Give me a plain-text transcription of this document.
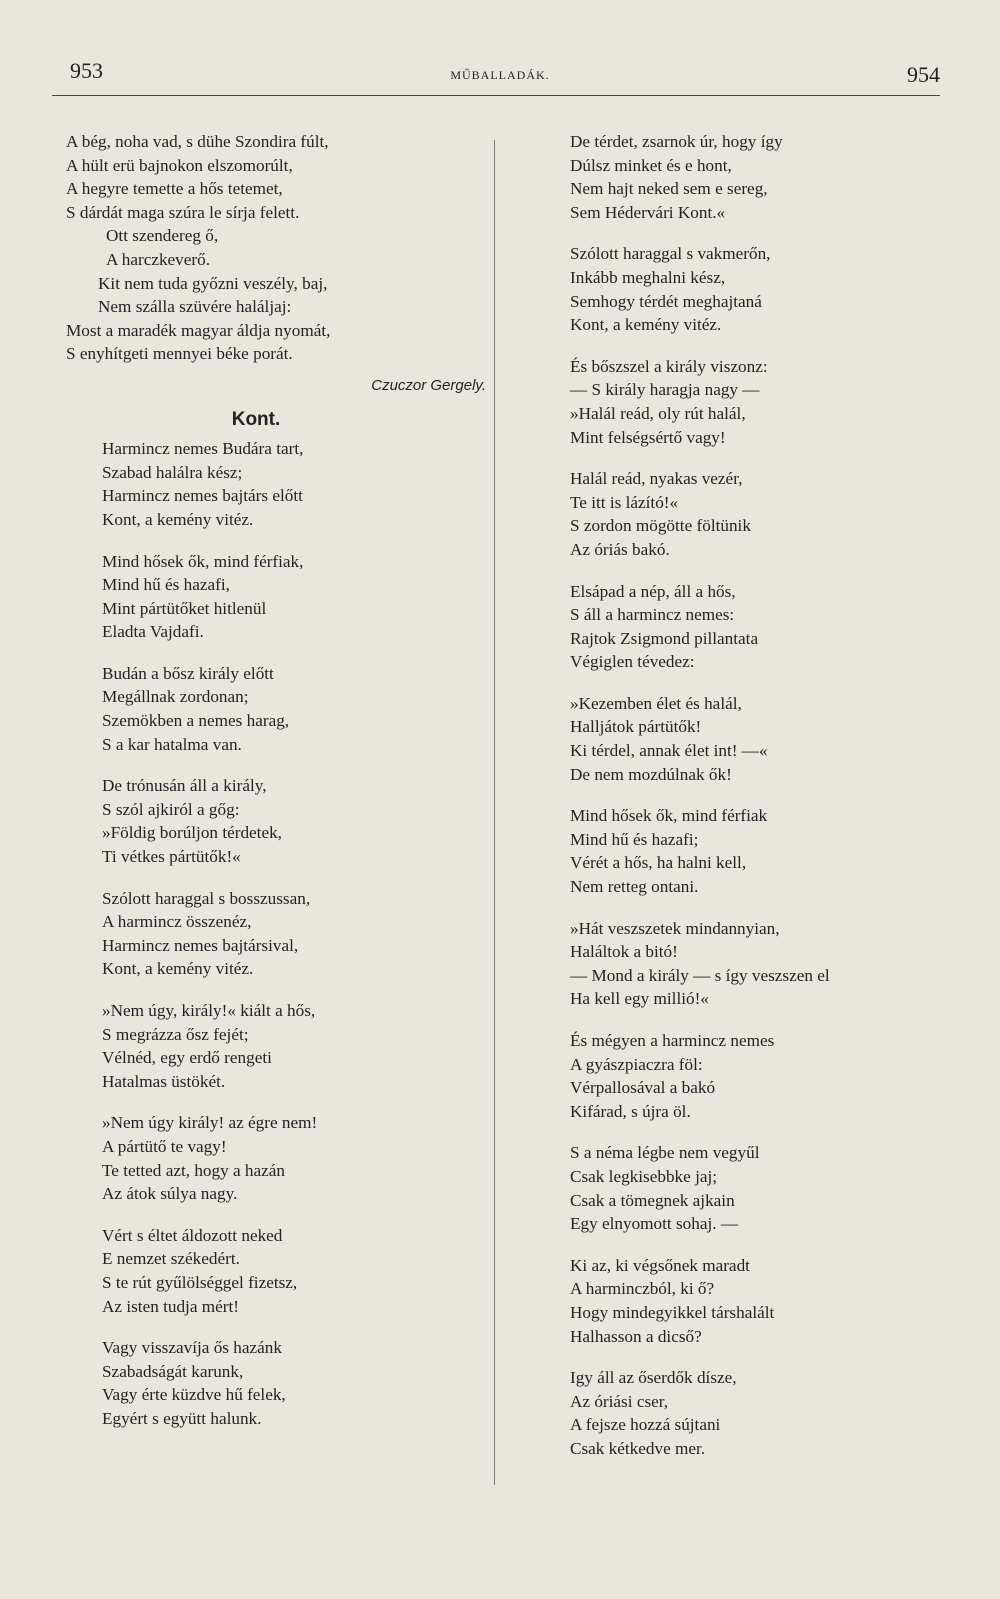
953	MŰBALLADÁK.	954
A bég, noha vad, s dühe Szondira fúlt,
A hült erü bajnokon elszomorúlt,
A hegyre temette a hős tetemet,
S dárdát maga szúra le sírja felett.
Ott szendereg ő,
A harczkeverő.
Kit nem tuda győzni veszély, baj,
Nem szálla szüvére haláljaj:
Most a maradék magyar áldja nyomát,
S enyhítgeti mennyei béke porát.
Czuczor Gergely.
Kont.
Harmincz nemes Budára tart,
Szabad halálra kész;
Harmincz nemes bajtárs előtt
Kont, a kemény vitéz.
Mind hősek ők, mind férfiak,
Mind hű és hazafi,
Mint pártütőket hitlenül
Eladta Vajdafi.
Budán a bősz király előtt
Megállnak zordonan;
Szemökben a nemes harag,
S a kar hatalma van.
De trónusán áll a király,
S szól ajkiról a gőg:
»Földig borúljon térdetek,
Ti vétkes pártütők!«
Szólott haraggal s bosszussan,
A harmincz összenéz,
Harmincz nemes bajtársival,
Kont, a kemény vitéz.
»Nem úgy, király!« kiált a hős,
S megrázza ősz fejét;
Vélnéd, egy erdő rengeti
Hatalmas üstökét.
»Nem úgy király! az égre nem!
A pártütő te vagy!
Te tetted azt, hogy a hazán
Az átok súlya nagy.
Vért s éltet áldozott neked
E nemzet székedért.
S te rút gyűlölséggel fizetsz,
Az isten tudja mért!
Vagy visszavíja ős hazánk
Szabadságát karunk,
Vagy érte küzdve hű felek,
Egyért s együtt halunk.
De térdet, zsarnok úr, hogy így
Dúlsz minket és e hont,
Nem hajt neked sem e sereg,
Sem Hédervári Kont.«
Szólott haraggal s vakmerőn,
Inkább meghalni kész,
Semhogy térdét meghajtaná
Kont, a kemény vitéz.
És bőszszel a király viszonz:
— S király haragja nagy —
»Halál reád, oly rút halál,
Mint felségsértő vagy!
Halál reád, nyakas vezér,
Te itt is lázító!«
S zordon mögötte föltünik
Az óriás bakó.
Elsápad a nép, áll a hős,
S áll a harmincz nemes:
Rajtok Zsigmond pillantata
Végiglen tévedez:
»Kezemben élet és halál,
Halljátok pártütők!
Ki térdel, annak élet int! —«
De nem mozdúlnak ők!
Mind hősek ők, mind férfiak
Mind hű és hazafi;
Vérét a hős, ha halni kell,
Nem retteg ontani.
»Hát veszszetek mindannyian,
Haláltok a bitó!
— Mond a király — s így veszszen el
Ha kell egy millió!«
És mégyen a harmincz nemes
A gyászpiaczra föl:
Vérpallosával a bakó
Kifárad, s újra öl.
S a néma légbe nem vegyűl
Csak legkisebbke jaj;
Csak a tömegnek ajkain
Egy elnyomott sohaj. —
Ki az, ki végsőnek maradt
A harminczból, ki ő?
Hogy mindegyikkel társhalált
Halhasson a dicső?
Igy áll az őserdők dísze,
Az óriási cser,
A fejsze hozzá sújtani
Csak kétkedve mer.
